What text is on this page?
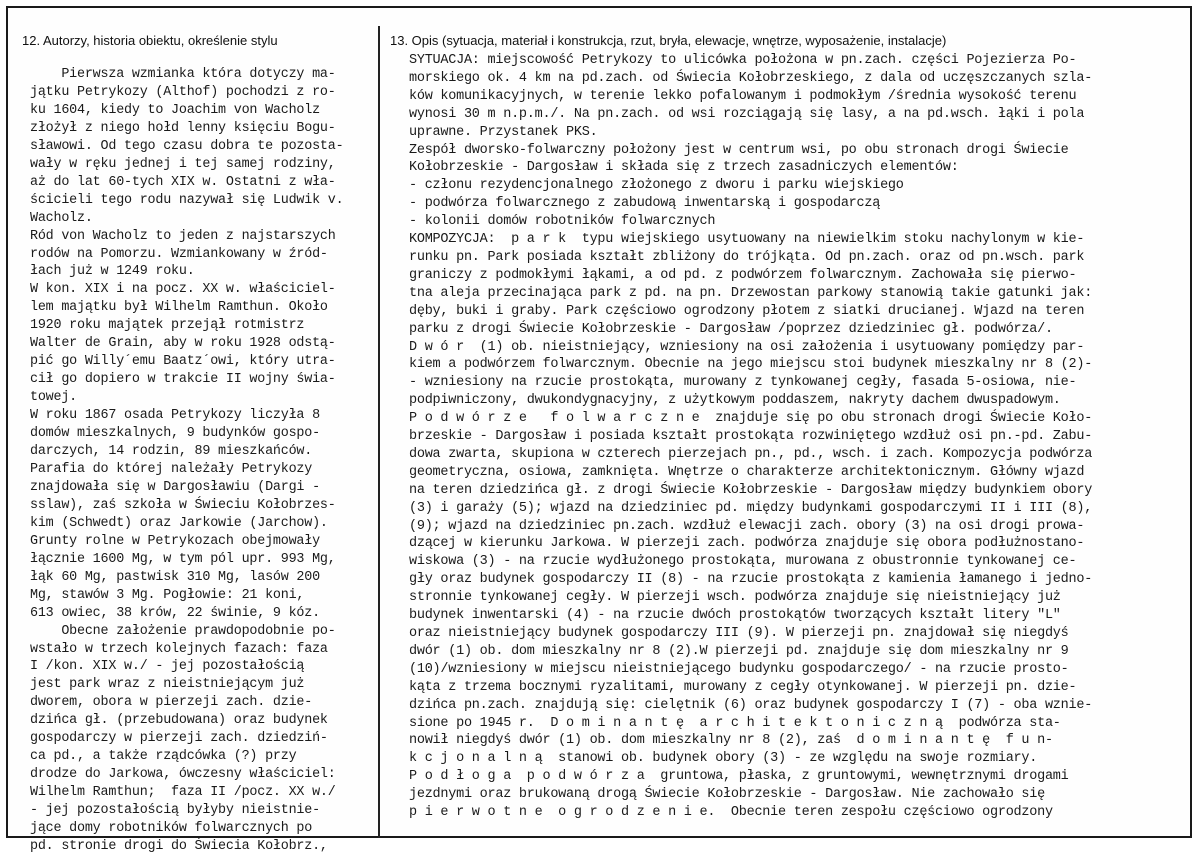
12. Autorzy, historia obiektu, określenie stylu	13. Opis (sytuacja, materiał i konstrukcja, rzut, bryła, elewacje, wnętrze, wyposażenie, instalacje)
Pierwsza wzmianka która dotyczy ma-
jątku Petrykozy (Althof) pochodzi z ro-
ku 1604, kiedy to Joachim von Wacholz
złożył z niego hołd lenny księciu Bogu-
sławowi. Od tego czasu dobra te pozosta-
wały w ręku jednej i tej samej rodziny,
aż do lat 60-tych XIX w. Ostatni z wła-
ścicieli tego rodu nazywał się Ludwik v.
Wacholz.
Ród von Wacholz to jeden z najstarszych
rodów na Pomorzu. Wzmiankowany w źród-
łach już w 1249 roku.
W kon. XIX i na pocz. XX w. właściciel-
lem majątku był Wilhelm Ramthun. Około
1920 roku majątek przejął rotmistrz
Walter de Grain, aby w roku 1928 odstą-
pić go Willy´emu Baatz´owi, który utra-
cił go dopiero w trakcie II wojny świa-
towej.
W roku 1867 osada Petrykozy liczyła 8
domów mieszkalnych, 9 budynków gospo-
darczych, 14 rodzin, 89 mieszkańców.
Parafia do której należały Petrykozy
znajdowała się w Dargosławiu (Dargi -
sslaw), zaś szkoła w Świeciu Kołobrzes-
kim (Schwedt) oraz Jarkowie (Jarchow).
Grunty rolne w Petrykozach obejmowały
łącznie 1600 Mg, w tym pól upr. 993 Mg,
łąk 60 Mg, pastwisk 310 Mg, lasów 200
Mg, stawów 3 Mg. Pogłowie: 21 koni,
613 owiec, 38 krów, 22 świnie, 9 kóz.
Obecne założenie prawdopodobnie po-
wstało w trzech kolejnych fazach: faza
I /kon. XIX w./ - jej pozostałością
jest park wraz z nieistniejącym już
dworem, obora w pierzeji zach. dzie-
dzińca gł. (przebudowana) oraz budynek
gospodarczy w pierzeji zach. dziedziń-
ca pd., a także rządcówka (?) przy
drodze do Jarkowa, ówczesny właściciel:
Wilhelm Ramthun;  faza II /pocz. XX w./
- jej pozostałością byłyby nieistnie-
jące domy robotników folwarcznych po
pd. stronie drogi do Świecia Kołobrz.,
SYTUACJA: miejscowość Petrykozy to ulicówka położona w pn.zach. części Pojezierza Po-
morskiego ok. 4 km na pd.zach. od Świecia Kołobrzeskiego, z dala od uczęszczanych szla-
ków komunikacyjnych, w terenie lekko pofalowanym i podmokłym /średnia wysokość terenu
wynosi 30 m n.p.m./. Na pn.zach. od wsi rozciągają się lasy, a na pd.wsch. łąki i pola
uprawne. Przystanek PKS.
Zespół dworsko-folwarczny położony jest w centrum wsi, po obu stronach drogi Świecie
Kołobrzeskie - Dargosław i składa się z trzech zasadniczych elementów:
- członu rezydencjonalnego złożonego z dworu i parku wiejskiego
- podwórza folwarcznego z zabudową inwentarską i gospodarczą
- kolonii domów robotników folwarcznych
KOMPOZYCJA:  p a r k  typu wiejskiego usytuowany na niewielkim stoku nachylonym w kie-
runku pn. Park posiada kształt zbliżony do trójkąta. Od pn.zach. oraz od pn.wsch. park
graniczy z podmokłymi łąkami, a od pd. z podwórzem folwarcznym. Zachowała się pierwo-
tna aleja przecinająca park z pd. na pn. Drzewostan parkowy stanowią takie gatunki jak:
dęby, buki i graby. Park częściowo ogrodzony płotem z siatki drucianej. Wjazd na teren
parku z drogi Świecie Kołobrzeskie - Dargosław /poprzez dziedziniec gł. podwórza/.
D w ó r  (1) ob. nieistniejący, wzniesiony na osi założenia i usytuowany pomiędzy par-
kiem a podwórzem folwarcznym. Obecnie na jego miejscu stoi budynek mieszkalny nr 8 (2)-
- wzniesiony na rzucie prostokąta, murowany z tynkowanej cegły, fasada 5-osiowa, nie-
podpiwniczony, dwukondygnacyjny, z użytkowym poddaszem, nakryty dachem dwuspadowym.
P o d w ó r z e   f o l w a r c z n e  znajduje się po obu stronach drogi Świecie Koło-
brzeskie - Dargosław i posiada kształt prostokąta rozwiniętego wzdłuż osi pn.-pd. Zabu-
dowa zwarta, skupiona w czterech pierzejach pn., pd., wsch. i zach. Kompozycja podwórza
geometryczna, osiowa, zamknięta. Wnętrze o charakterze architektonicznym. Główny wjazd
na teren dziedzińca gł. z drogi Świecie Kołobrzeskie - Dargosław między budynkiem obory
(3) i garaży (5); wjazd na dziedziniec pd. między budynkami gospodarczymi II i III (8),
(9); wjazd na dziedziniec pn.zach. wzdłuż elewacji zach. obory (3) na osi drogi prowa-
dzącej w kierunku Jarkowa. W pierzeji zach. podwórza znajduje się obora podłużnostano-
wiskowa (3) - na rzucie wydłużonego prostokąta, murowana z obustronnie tynkowanej ce-
gły oraz budynek gospodarczy II (8) - na rzucie prostokąta z kamienia łamanego i jedno-
stronnie tynkowanej cegły. W pierzeji wsch. podwórza znajduje się nieistniejący już
budynek inwentarski (4) - na rzucie dwóch prostokątów tworzących kształt litery "L"
oraz nieistniejący budynek gospodarczy III (9). W pierzeji pn. znajdował się niegdyś
dwór (1) ob. dom mieszkalny nr 8 (2).W pierzeji pd. znajduje się dom mieszkalny nr 9
(10)/wzniesiony w miejscu nieistniejącego budynku gospodarczego/ - na rzucie prosto-
kąta z trzema bocznymi ryzalitami, murowany z cegły otynkowanej. W pierzeji pn. dzie-
dzińca pn.zach. znajdują się: cielętnik (6) oraz budynek gospodarczy I (7) - oba wznie-
sione po 1945 r.  D o m i n a n t ę  a r c h i t e k t o n i c z n ą  podwórza sta-
nowił niegdyś dwór (1) ob. dom mieszkalny nr 8 (2), zaś  d o m i n a n t ę  f u n-
k c j o n a l n ą  stanowi ob. budynek obory (3) - ze względu na swoje rozmiary.
P o d ł o g a  p o d w ó r z a  gruntowa, płaska, z gruntowymi, wewnętrznymi drogami
jezdnymi oraz brukowaną drogą Świecie Kołobrzeskie - Dargosław. Nie zachowało się
p i e r w o t n e  o g r o d z e n i e.  Obecnie teren zespołu częściowo ogrodzony
